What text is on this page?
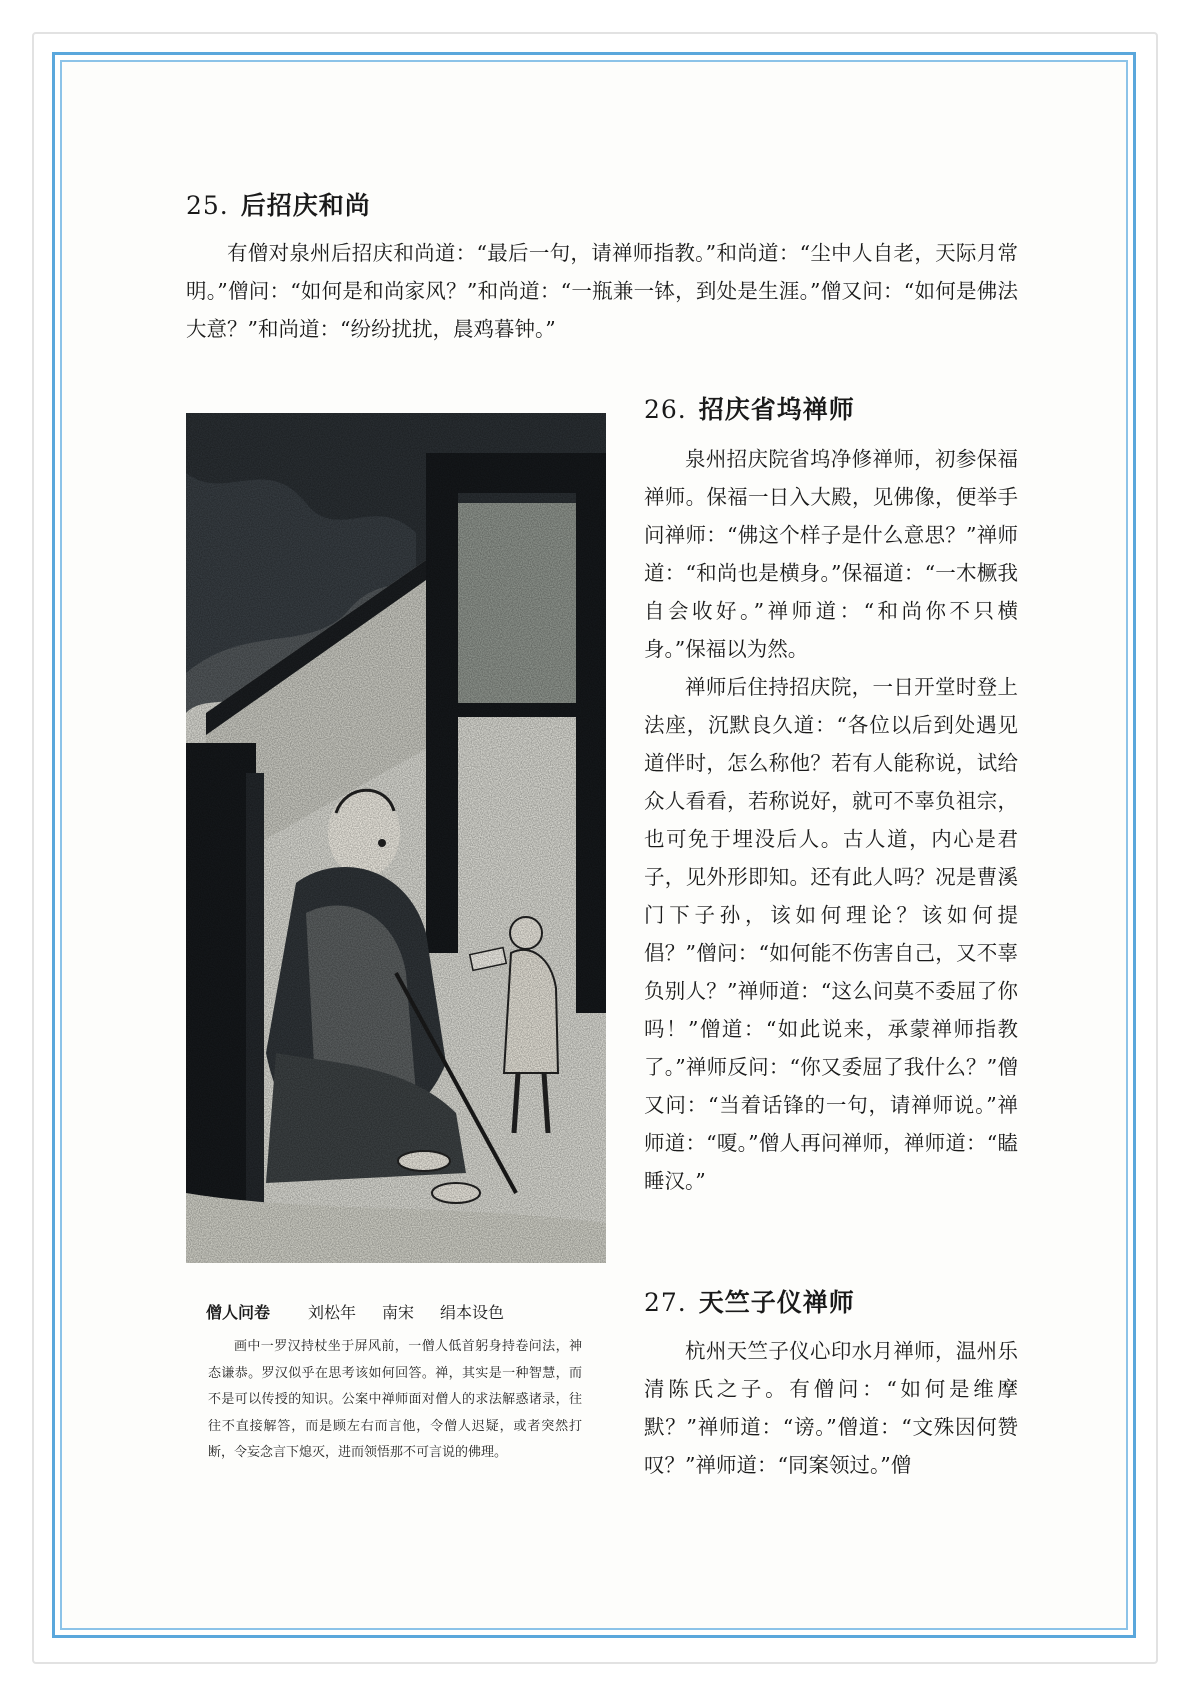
25. 后招庆和尚

有僧对泉州后招庆和尚道：“最后一句，请禅师指教。”和尚道：“尘中人自老，天际月常明。”僧问：“如何是和尚家风？”和尚道：“一瓶兼一钵，到处是生涯。”僧又问：“如何是佛法大意？”和尚道：“纷纷扰扰，晨鸡暮钟。”

26. 招庆省坞禅师

泉州招庆院省坞净修禅师，初参保福禅师。保福一日入大殿，见佛像，便举手问禅师：“佛这个样子是什么意思？”禅师道：“和尚也是横身。”保福道：“一木橛我自会收好。”禅师道：“和尚你不只横身。”保福以为然。

禅师后住持招庆院，一日开堂时登上法座，沉默良久道：“各位以后到处遇见道伴时，怎么称他？若有人能称说，试给众人看看，若称说好，就可不辜负祖宗，也可免于埋没后人。古人道，内心是君子，见外形即知。还有此人吗？况是曹溪门下子孙，该如何理论？该如何提倡？”僧问：“如何能不伤害自己，又不辜负别人？”禅师道：“这么问莫不委屈了你吗！”僧道：“如此说来，承蒙禅师指教了。”禅师反问：“你又委屈了我什么？”僧又问：“当着话锋的一句，请禅师说。”禅师道：“嗄。”僧人再问禅师，禅师道：“瞌睡汉。”

27. 天竺子仪禅师

杭州天竺子仪心印水月禅师，温州乐清陈氏之子。有僧问：“如何是维摩默？”禅师道：“谤。”僧道：“文殊因何赞叹？”禅师道：“同案领过。”僧

僧人问卷 刘松年 南宋 绢本设色

画中一罗汉持杖坐于屏风前，一僧人低首躬身持卷问法，神态谦恭。罗汉似乎在思考该如何回答。禅，其实是一种智慧，而不是可以传授的知识。公案中禅师面对僧人的求法解惑诸录，往往不直接解答，而是顾左右而言他，令僧人迟疑，或者突然打断，令妄念言下熄灭，进而领悟那不可言说的佛理。
